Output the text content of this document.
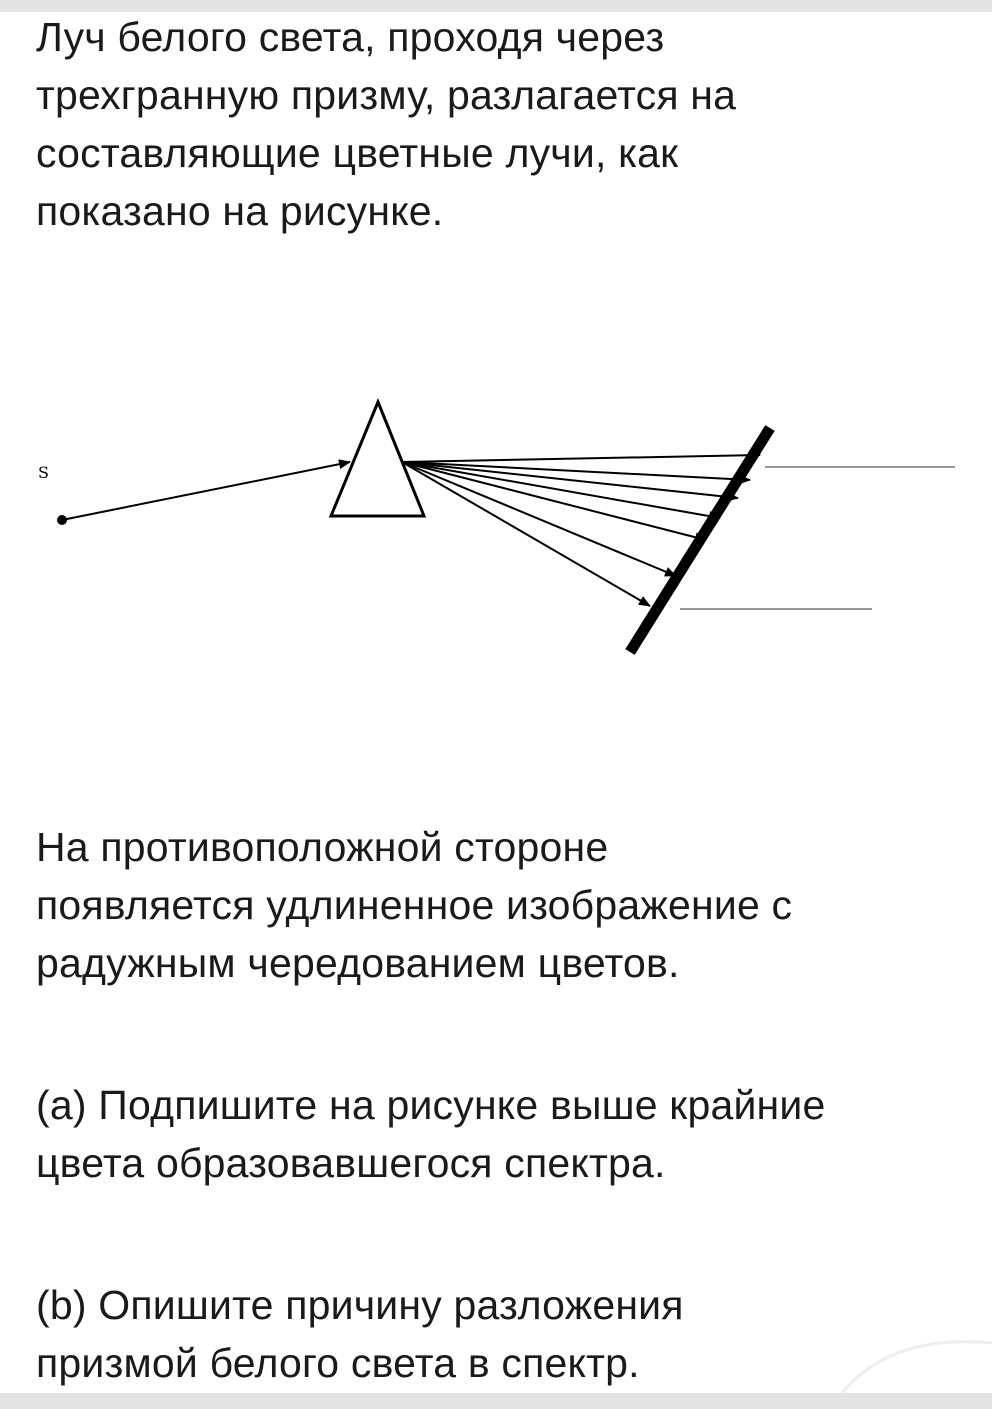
Луч белого света, проходя через
трехгранную призму, разлагается на
составляющие цветные лучи, как
показано на рисунке.

S

На противоположной стороне
появляется удлиненное изображение с
радужным чередованием цветов.

(a) Подпишите на рисунке выше крайние
цвета образовавшегося спектра.

(b) Опишите причину разложения
призмой белого света в спектр.
